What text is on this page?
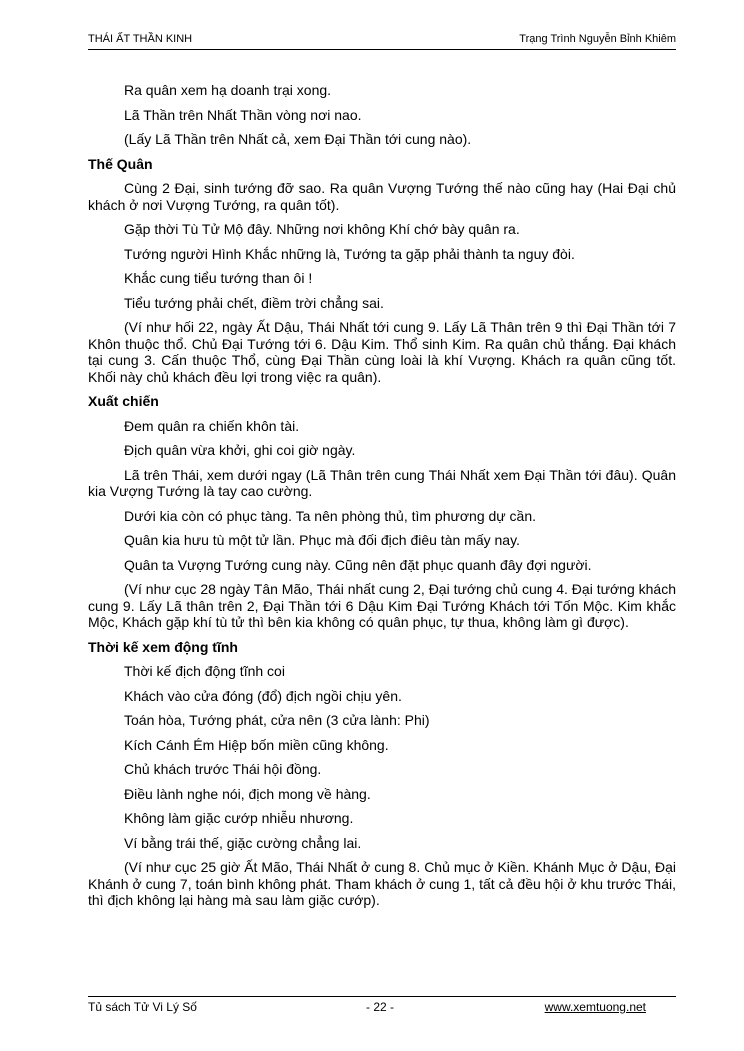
THÁI ẤT THẦN KINH	Trạng Trình Nguyễn Bỉnh Khiêm
Ra quân xem hạ doanh trại xong.
Lã Thần trên Nhất Thần vòng nơi nao.
(Lấy Lã Thần trên Nhất cả, xem Đại Thần tới cung nào).
Thế Quân
Cùng 2 Đại, sinh tướng đỡ sao. Ra quân Vượng Tướng thế nào cũng hay (Hai Đại chủ khách ở nơi Vượng Tướng, ra quân tốt).
Gặp thời Tù Tử Mộ đây. Những nơi không Khí chớ bày quân ra.
Tướng người Hình Khắc những là, Tướng ta gặp phải thành ta nguy đòi.
Khắc cung tiểu tướng than ôi !
Tiểu tướng phải chết, điềm trời chẳng sai.
(Ví như hối 22, ngày Ất Dậu, Thái Nhất tới cung 9. Lấy Lã Thân trên 9 thì Đại Thần tới 7 Khôn thuộc thổ. Chủ Đại Tướng tới 6. Dậu Kim. Thổ sinh Kim. Ra quân chủ thắng. Đại khách tại cung 3. Cấn thuộc Thổ, cùng Đại Thần cùng loài là khí Vượng. Khách ra quân cũng tốt. Khối này chủ khách đều lợi trong việc ra quân).
Xuất chiến
Đem quân ra chiến khôn tài.
Địch quân vừa khởi, ghi coi giờ ngày.
Lã trên Thái, xem dưới ngay (Lã Thân trên cung Thái Nhất xem Đại Thần tới đâu). Quân kia Vượng Tướng là tay cao cường.
Dưới kia còn có phục tàng. Ta nên phòng thủ, tìm phương dự cần.
Quân kia hưu tù một tử lần. Phục mà đối địch điêu tàn mấy nay.
Quân ta Vượng Tướng cung này. Cũng nên đặt phục quanh đây đợi người.
(Ví như cục 28 ngày Tân Mão, Thái nhất cung 2, Đại tướng chủ cung 4. Đại tướng khách cung 9. Lấy Lã thân trên 2, Đại Thần tới 6 Dậu Kim Đại Tướng Khách tới Tốn Mộc. Kim khắc Mộc, Khách gặp khí tù tử thì bên kia không có quân phục, tự thua, không làm gì được).
Thời kế xem động tĩnh
Thời kế địch động tĩnh coi
Khách vào cửa đóng (đổ) địch ngồi chịu yên.
Toán hòa, Tướng phát, cửa nên (3 cửa lành: Phi)
Kích Cánh Ém Hiệp bốn miền cũng không.
Chủ khách trước Thái hội đồng.
Điều lành nghe nói, địch mong về hàng.
Không làm giặc cướp nhiễu nhương.
Ví bằng trái thế, giặc cường chẳng lai.
(Ví như cục 25 giờ Ất Mão, Thái Nhất ở cung 8. Chủ mục ở Kiền. Khánh Mục ở Dậu, Đại Khánh ở cung 7, toán bình không phát. Tham khách ở cung 1, tất cả đều hội ở khu trước Thái, thì địch không lại hàng mà sau làm giặc cướp).
Tủ sách Tử Vi Lý Số	- 22 -	www.xemtuong.net
